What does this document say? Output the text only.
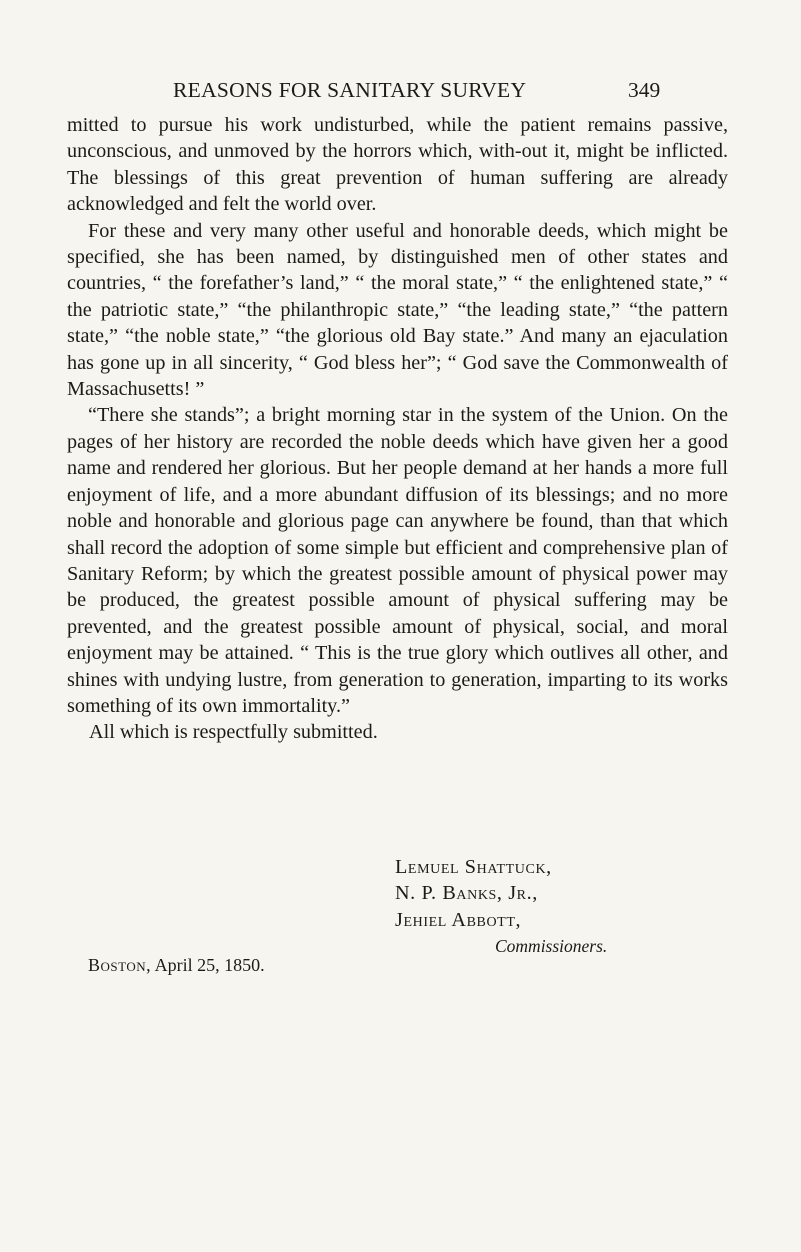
REASONS FOR SANITARY SURVEY	349

mitted to pursue his work undisturbed, while the patient remains passive, unconscious, and unmoved by the horrors which, with-out it, might be inflicted. The blessings of this great prevention of human suffering are already acknowledged and felt the world over.

For these and very many other useful and honorable deeds, which might be specified, she has been named, by distinguished men of other states and countries, “ the forefather’s land,” “ the moral state,” “ the enlightened state,” “ the patriotic state,” “the philanthropic state,” “the leading state,” “the pattern state,” “the noble state,” “the glorious old Bay state.” And many an ejaculation has gone up in all sincerity, “ God bless her”; “ God save the Commonwealth of Massachusetts! ”

“There she stands”; a bright morning star in the system of the Union. On the pages of her history are recorded the noble deeds which have given her a good name and rendered her glorious. But her people demand at her hands a more full enjoyment of life, and a more abundant diffusion of its blessings; and no more noble and honorable and glorious page can anywhere be found, than that which shall record the adoption of some simple but efficient and comprehensive plan of Sanitary Reform; by which the greatest possible amount of physical power may be produced, the greatest possible amount of physical suffering may be prevented, and the greatest possible amount of physical, social, and moral enjoyment may be attained. “ This is the true glory which outlives all other, and shines with undying lustre, from generation to generation, imparting to its works something of its own immortality.”

All which is respectfully submitted.

Lemuel Shattuck,
N. P. Banks, Jr.,
Jehiel Abbott,
Commissioners.
Boston, April 25, 1850.
